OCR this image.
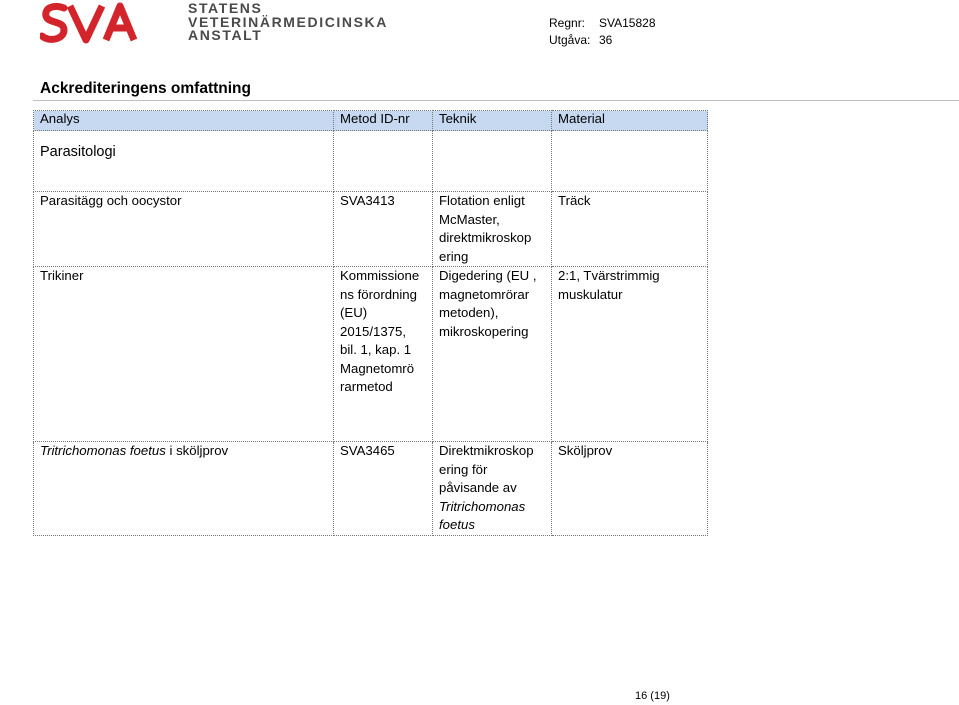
STATENS
VETERINÄRMEDICINSKA
ANSTALT
Regnr: SVA15828
Utgåva: 36
Ackrediteringens omfattning
Analys	Metod ID-nr	Teknik	Material
Parasitologi			
Parasitägg och oocystor	SVA3413	Flotation enligt McMaster, direktmikroskop ering	Träck
Trikiner	Kommissione ns förordning (EU) 2015/1375, bil. 1, kap. 1 Magnetomrö rarmetod	Digedering (EU , magnetomrörar metoden), mikroskopering	2:1, Tvärstrimmig muskulatur
Tritrichomonas foetus i sköljprov	SVA3465	Direktmikroskop ering för påvisande av Tritrichomonas foetus	Sköljprov
16 (19)
